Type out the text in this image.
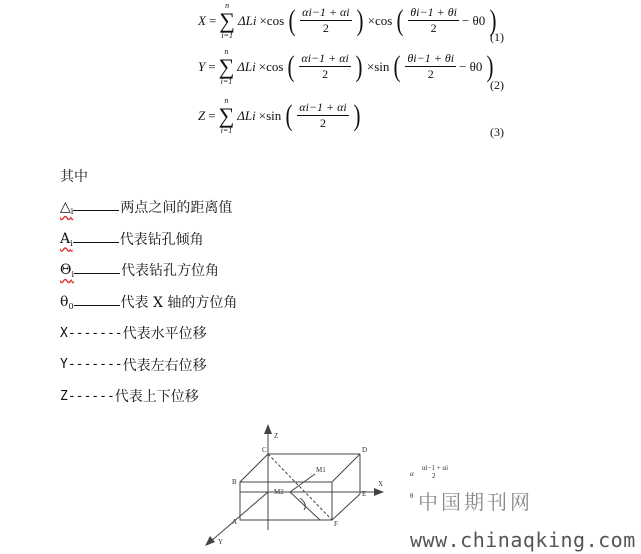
X =
n
∑
i=1
ΔLi ×cos ( $\frac{\alpha i-1 + \alpha i}{2}$ ) ×cos ( $\frac{\theta i-1 + \theta i}{2} - \theta 0$ )
(1)
Y =
n
∑
i=1
ΔLi ×cos ( $\frac{\alpha i-1 + \alpha i}{2}$ ) ×sin ( $\frac{\theta i-1 + \theta i}{2} - \theta 0$ )
(2)
Z =
n
∑
i=1
ΔLi ×sin ( $\frac{\alpha i-1 + \alpha i}{2}$ )	(3)
其中
$\triangle_i$	两点之间的距离值
$A_i$	代表钻孔倾角
$\Theta_i$	代表钻孔方位角
$\theta_0$	代表 X 轴的方位角
X------- 代表水平位移
Y------- 代表左右位移
Z------ 代表上下位移
Z
X
Y
A
B
C	D
E
F
M1
M2
α
αi−1 + αi
2
θ 中国期刊网
www.chinaqking.com
